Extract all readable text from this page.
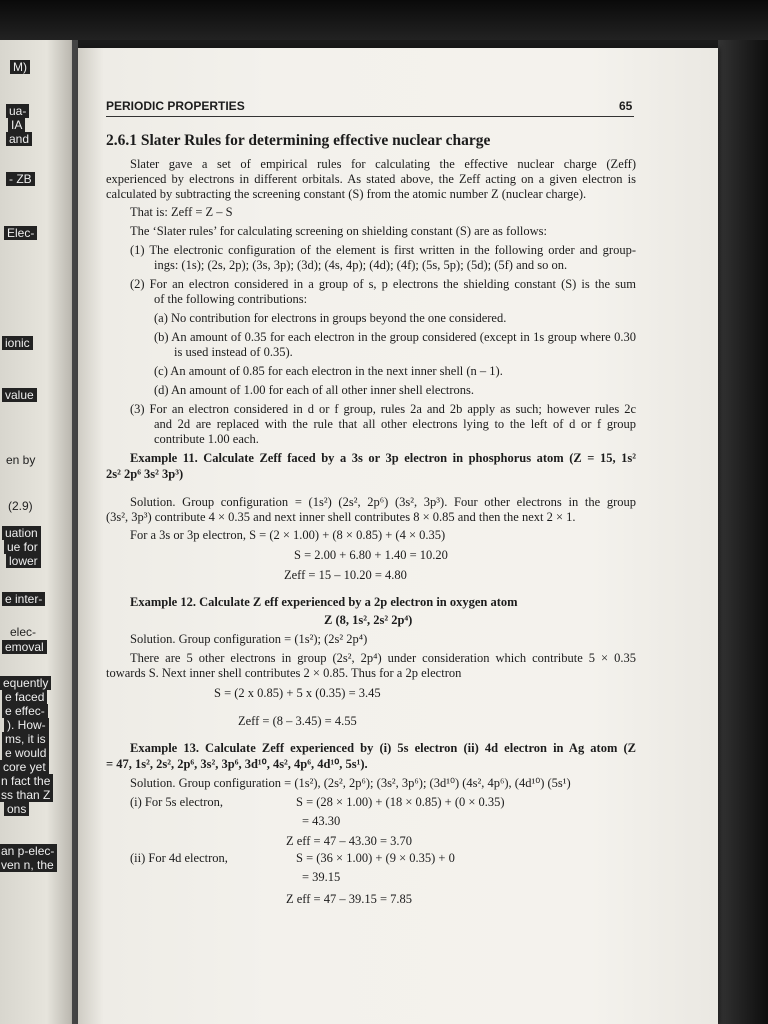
M)
ua-
IA
and
- ZB
Elec-
ionic
value
en by
(2.9)
uation
ue for
lower
e inter-
elec-
emoval
equently
e faced
e effec-
). How-
ms, it is
e would
core yet
n fact the
ss than Z
ons
an p-elec-
ven n, the
PERIODIC PROPERTIES	65
2.6.1 Slater Rules for determining effective nuclear charge
Slater gave a set of empirical rules for calculating the effective nuclear charge (Zeff)
experienced by electrons in different orbitals. As stated above, the Zeff acting on a given electron is
calculated by subtracting the screening constant (S) from the atomic number Z (nuclear charge).
That is: Zeff = Z – S
The ‘Slater rules’ for calculating screening on shielding constant (S) are as follows:
(1) The electronic configuration of the element is first written in the following order and group-
ings: (1s); (2s, 2p); (3s, 3p); (3d); (4s, 4p); (4d); (4f); (5s, 5p); (5d); (5f) and so on.
(2) For an electron considered in a group of s, p electrons the shielding constant (S) is the sum
of the following contributions:
(a) No contribution for electrons in groups beyond the one considered.
(b) An amount of 0.35 for each electron in the group considered (except in 1s group where 0.30
is used instead of 0.35).
(c) An amount of 0.85 for each electron in the next inner shell (n – 1).
(d) An amount of 1.00 for each of all other inner shell electrons.
(3) For an electron considered in d or f group, rules 2a and 2b apply as such; however rules 2c
and 2d are replaced with the rule that all other electrons lying to the left of d or f group
contribute 1.00 each.
Example 11. Calculate Zeff faced by a 3s or 3p electron in phosphorus atom (Z = 15, 1s²
2s² 2p⁶ 3s² 3p³)
Solution. Group configuration = (1s²) (2s², 2p⁶) (3s², 3p³). Four other electrons in the group
(3s², 3p³) contribute 4 × 0.35 and next inner shell contributes 8 × 0.85 and then the next 2 × 1.
For a 3s or 3p electron, S = (2 × 1.00) + (8 × 0.85) + (4 × 0.35)
S = 2.00 + 6.80 + 1.40 = 10.20
Zeff = 15 – 10.20 = 4.80
Example 12. Calculate Z eff experienced by a 2p electron in oxygen atom
Z (8, 1s², 2s² 2p⁴)
Solution. Group configuration = (1s²); (2s² 2p⁴)
There are 5 other electrons in group (2s², 2p⁴) under consideration which contribute 5 × 0.35
towards S. Next inner shell contributes 2 × 0.85. Thus for a 2p electron
S = (2 x 0.85) + 5 x (0.35) = 3.45
Zeff = (8 – 3.45) = 4.55
Example 13. Calculate Zeff experienced by (i) 5s electron (ii) 4d electron in Ag atom (Z
= 47, 1s², 2s², 2p⁶, 3s², 3p⁶, 3d¹⁰, 4s², 4p⁶, 4d¹⁰, 5s¹).
Solution. Group configuration = (1s²), (2s², 2p⁶); (3s², 3p⁶); (3d¹⁰) (4s², 4p⁶), (4d¹⁰) (5s¹)
(i) For 5s electron,	S = (28 × 1.00) + (18 × 0.85) + (0 × 0.35)
= 43.30
Z eff = 47 – 43.30 = 3.70
(ii) For 4d electron,	S = (36 × 1.00) + (9 × 0.35) + 0
= 39.15
Z eff = 47 – 39.15 = 7.85
